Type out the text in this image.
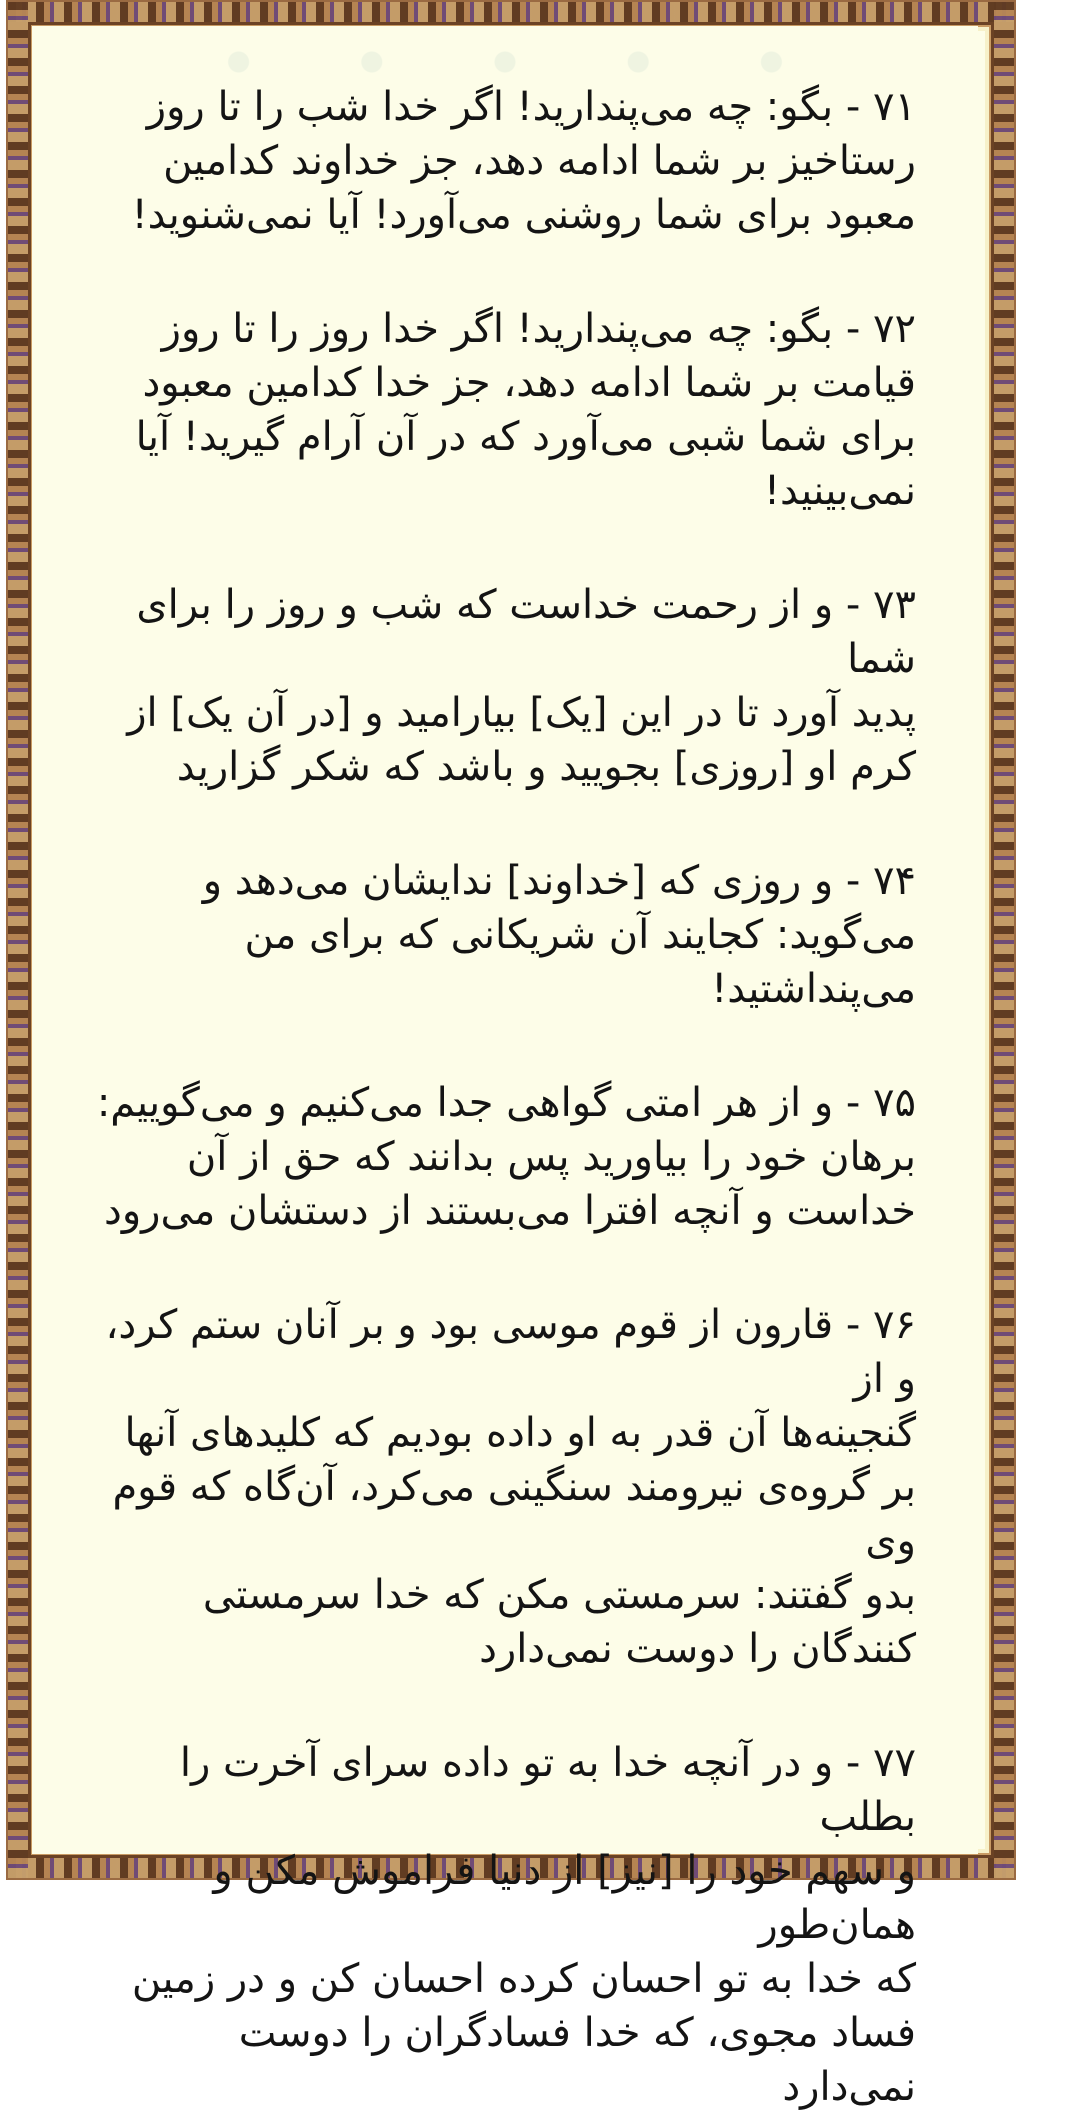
۷۱ - بگو: چه می‌پندارید! اگر خدا شب را تا روز
رستاخیز بر شما ادامه دهد، جز خداوند کدامین
معبود برای شما روشنی می‌آورد! آیا نمی‌شنوید!

۷۲ - بگو: چه می‌پندارید! اگر خدا روز را تا روز
قیامت بر شما ادامه دهد، جز خدا کدامین معبود
برای شما شبی می‌آورد که در آن آرام گیرید! آیا
نمی‌بینید!

۷۳ - و از رحمت خداست که شب و روز را برای شما
پدید آورد تا در این [یک] بیارامید و [در آن یک] از
کرم او [روزی] بجویید و باشد که شکر گزارید

۷۴ - و روزی که [خداوند] ندایشان می‌دهد و
می‌گوید: کجایند آن شریکانی که برای من
می‌پنداشتید!

۷۵ - و از هر امتی گواهی جدا می‌کنیم و می‌گوییم:
برهان خود را بیاورید پس بدانند که حق از آن
خداست و آنچه افترا می‌بستند از دستشان می‌رود

۷۶ - قارون از قوم موسی بود و بر آنان ستم کرد، و از
گنجینه‌ها آن قدر به او داده بودیم که کلیدهای آنها
بر گروه‌ی نیرومند سنگینی می‌کرد، آن‌گاه که قوم وی
بدو گفتند: سرمستی مکن که خدا سرمستی
کنندگان را دوست نمی‌دارد

۷۷ - و در آنچه خدا به تو داده سرای آخرت را بطلب
و سهم خود را [نیز] از دنیا فراموش مکن و همان‌طور
که خدا به تو احسان کرده احسان کن و در زمین
فساد مجوی، که خدا فسادگران را دوست نمی‌دارد
